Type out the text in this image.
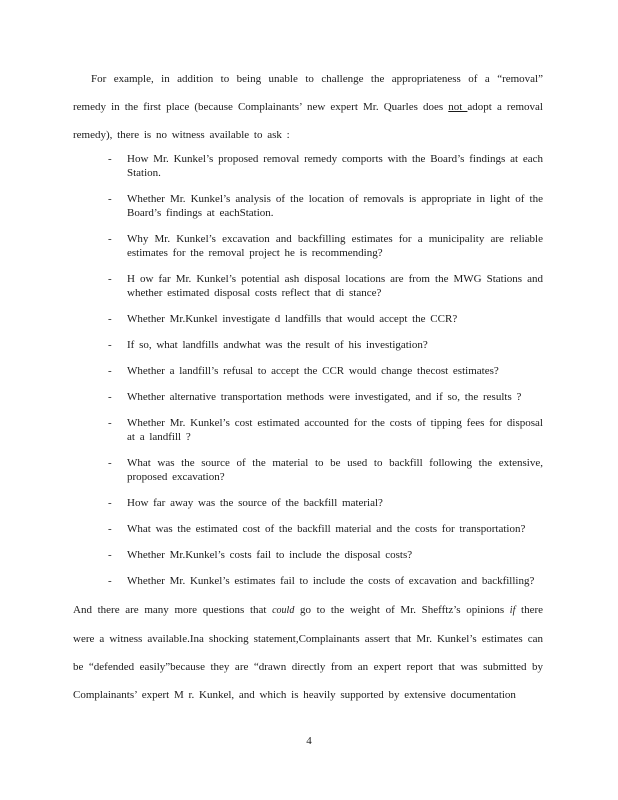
For example, in addition to being unable to challenge the appropriateness of a “removal” remedy in the first place (because Complainants’ new expert Mr. Quarles does not adopt a removal remedy), there is no witness available to ask :

- How Mr. Kunkel’s proposed removal remedy comports with the Board’s findings at each Station.
- Whether Mr. Kunkel’s analysis of the location of removals is appropriate in light of the Board’s findings at eachStation.
- Why Mr. Kunkel’s excavation and backfilling estimates for a municipality are reliable estimates for the removal project he is recommending?
- H ow far Mr. Kunkel’s potential ash disposal locations are from the MWG Stations and whether estimated disposal costs reflect that di stance?
- Whether Mr.Kunkel investigate d landfills that would accept the CCR?
- If so, what landfills andwhat was the result of his investigation?
- Whether a landfill’s refusal to accept the CCR would change thecost estimates?
- Whether alternative transportation methods were investigated, and if so, the results ?
- Whether Mr. Kunkel’s cost estimated accounted for the costs of tipping fees for disposal at a landfill ?
- What was the source of the material to be used to backfill following the extensive, proposed excavation?
- How far away was the source of the backfill material?
- What was the estimated cost of the backfill material and the costs for transportation?
- Whether Mr.Kunkel’s costs fail to include the disposal costs?
- Whether Mr. Kunkel’s estimates fail to include the costs of excavation and backfilling?

And there are many more questions that could go to the weight of Mr. Shefftz’s opinions if there were a witness available.Ina shocking statement,Complainants assert that Mr. Kunkel’s estimates can be “defended easily”because they are “drawn directly from an expert report that was submitted by Complainants’ expert M r. Kunkel, and which is heavily supported by extensive documentation

4
